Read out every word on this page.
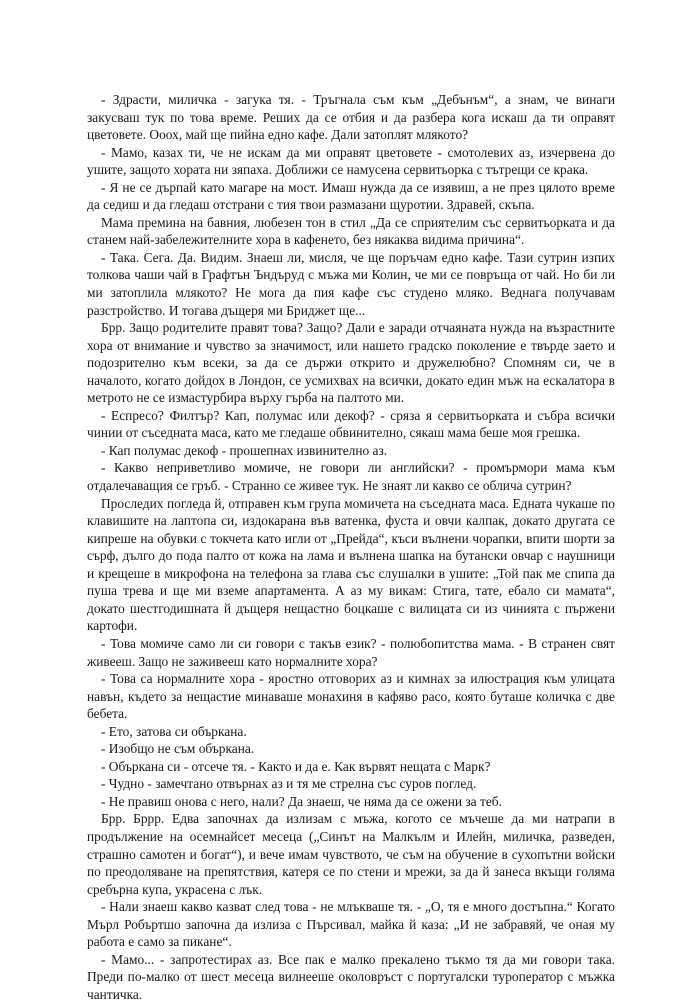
- Здрасти, миличка - загука тя. - Тръгнала съм към „Дебънъм“, а знам, че винаги закусваш тук по това време. Реших да се отбия и да разбера кога искаш да ти оправят цветовете. Ооох, май ще пийна едно кафе. Дали затоплят млякото?

- Мамо, казах ти, че не искам да ми оправят цветовете - смотолевих аз, изчервена до ушите, защото хората ни зяпаха. Доближи се намусена сервитьорка с тътрещи се крака.

- Я не се дърпай като магаре на мост. Имаш нужда да се изявиш, а не през цялото време да седиш и да гледаш отстрани с тия твои размазани щуротии. Здравей, скъпа.

Мама премина на бавния, любезен тон в стил „Да се сприятелим със сервитьорката и да станем най-забележителните хора в кафенето, без някаква видима причина“.

- Така. Сега. Да. Видим. Знаеш ли, мисля, че ще поръчам едно кафе. Тази сутрин изпих толкова чаши чай в Графтън Ъндърyд с мъжа ми Колин, че ми се повръща от чай. Но би ли ми затоплила млякото? Не мога да пия кафе със студено мляко. Веднага получавам разстройство. И тогава дъщеря ми Бриджет ще...

Брр. Защо родителите правят това? Защо? Дали е заради отчаяната нужда на възрастните хора от внимание и чувство за значимост, или нашето градско поколение е твърде заето и подозрително към всеки, за да се държи открито и дружелюбно? Спомням си, че в началото, когато дойдох в Лондон, се усмихвах на всички, докато един мъж на ескалатора в метрото не се измастурбира върху гърба на палтото ми.

- Еспресо? Филтър? Кап, полумас или декоф? - сряза я сервитьорката и събра всички чинии от съседната маса, като ме гледаше обвинително, сякаш мама беше моя грешка.

- Кап полумас декоф - прошепнах извинително аз.

- Какво неприветливо момиче, не говори ли английски? - промърмори мама към отдалечаващия се гръб. - Странно се живее тук. Не знаят ли какво се облича сутрин?

Проследих погледа й, отправен към група момичета на съседната маса. Едната чукаше по клавишите на лаптопа си, издокарана във ватенка, фуста и овчи калпак, докато другата се кипреше на обувки с токчета като игли от „Прейда“, къси вълнени чорапки, впити шорти за сърф, дълго до пода палто от кожа на лама и вълнена шапка на бутански овчар с наушници и крещеше в микрофона на телефона за глава със слушалки в ушите: „Той пак ме спипа да пуша трева и ще ми вземе апартамента. А аз му викам: Стига, тате, ебало си мамата“, докато шестгодишната й дъщеря нещастно боцкаше с вилицата си из чинията с пържени картофи.

- Това момиче само ли си говори с такъв език? - полюбопитства мама. - В странен свят живееш. Защо не заживееш като нормалните хора?

- Това са нормалните хора - яростно отговорих аз и кимнах за илюстрация към улицата навън, където за нещастие минаваше монахиня в кафяво расо, която буташе количка с две бебета.

- Ето, затова си объркана.

- Изобщо не съм объркана.

- Объркана си - отсече тя. - Както и да е. Как вървят нещата с Марк?

- Чудно - замечтано отвърнах аз и тя ме стрелна със суров поглед.

- Не правиш онова с него, нали? Да знаеш, че няма да се ожени за теб.

Брр. Бррр. Едва започнах да излизам с мъжа, когото се мъчеше да ми натрапи в продължение на осемнайсет месеца („Синът на Малкълм и Илейн, миличка, разведен, страшно самотен и богат“), и вече имам чувството, че съм на обучение в сухопътни войски по преодоляване на препятствия, катеря се по стени и мрежи, за да й занеса вкъщи голяма сребърна купа, украсена с лък.

- Нали знаеш какво казват след това - не млъкваше тя. - „О, тя е много достъпна.“ Когато Мърл Робъртшо започна да излиза с Пърсивал, майка й каза: „И не забравяй, че оная му работа е само за пикане“.

- Мамо... - запротестирах аз. Все пак е малко прекалено тъкмо тя да ми говори така. Преди по-малко от шест месеца вилнееше околовръст с португалски туроператор с мъжка чантичка.
